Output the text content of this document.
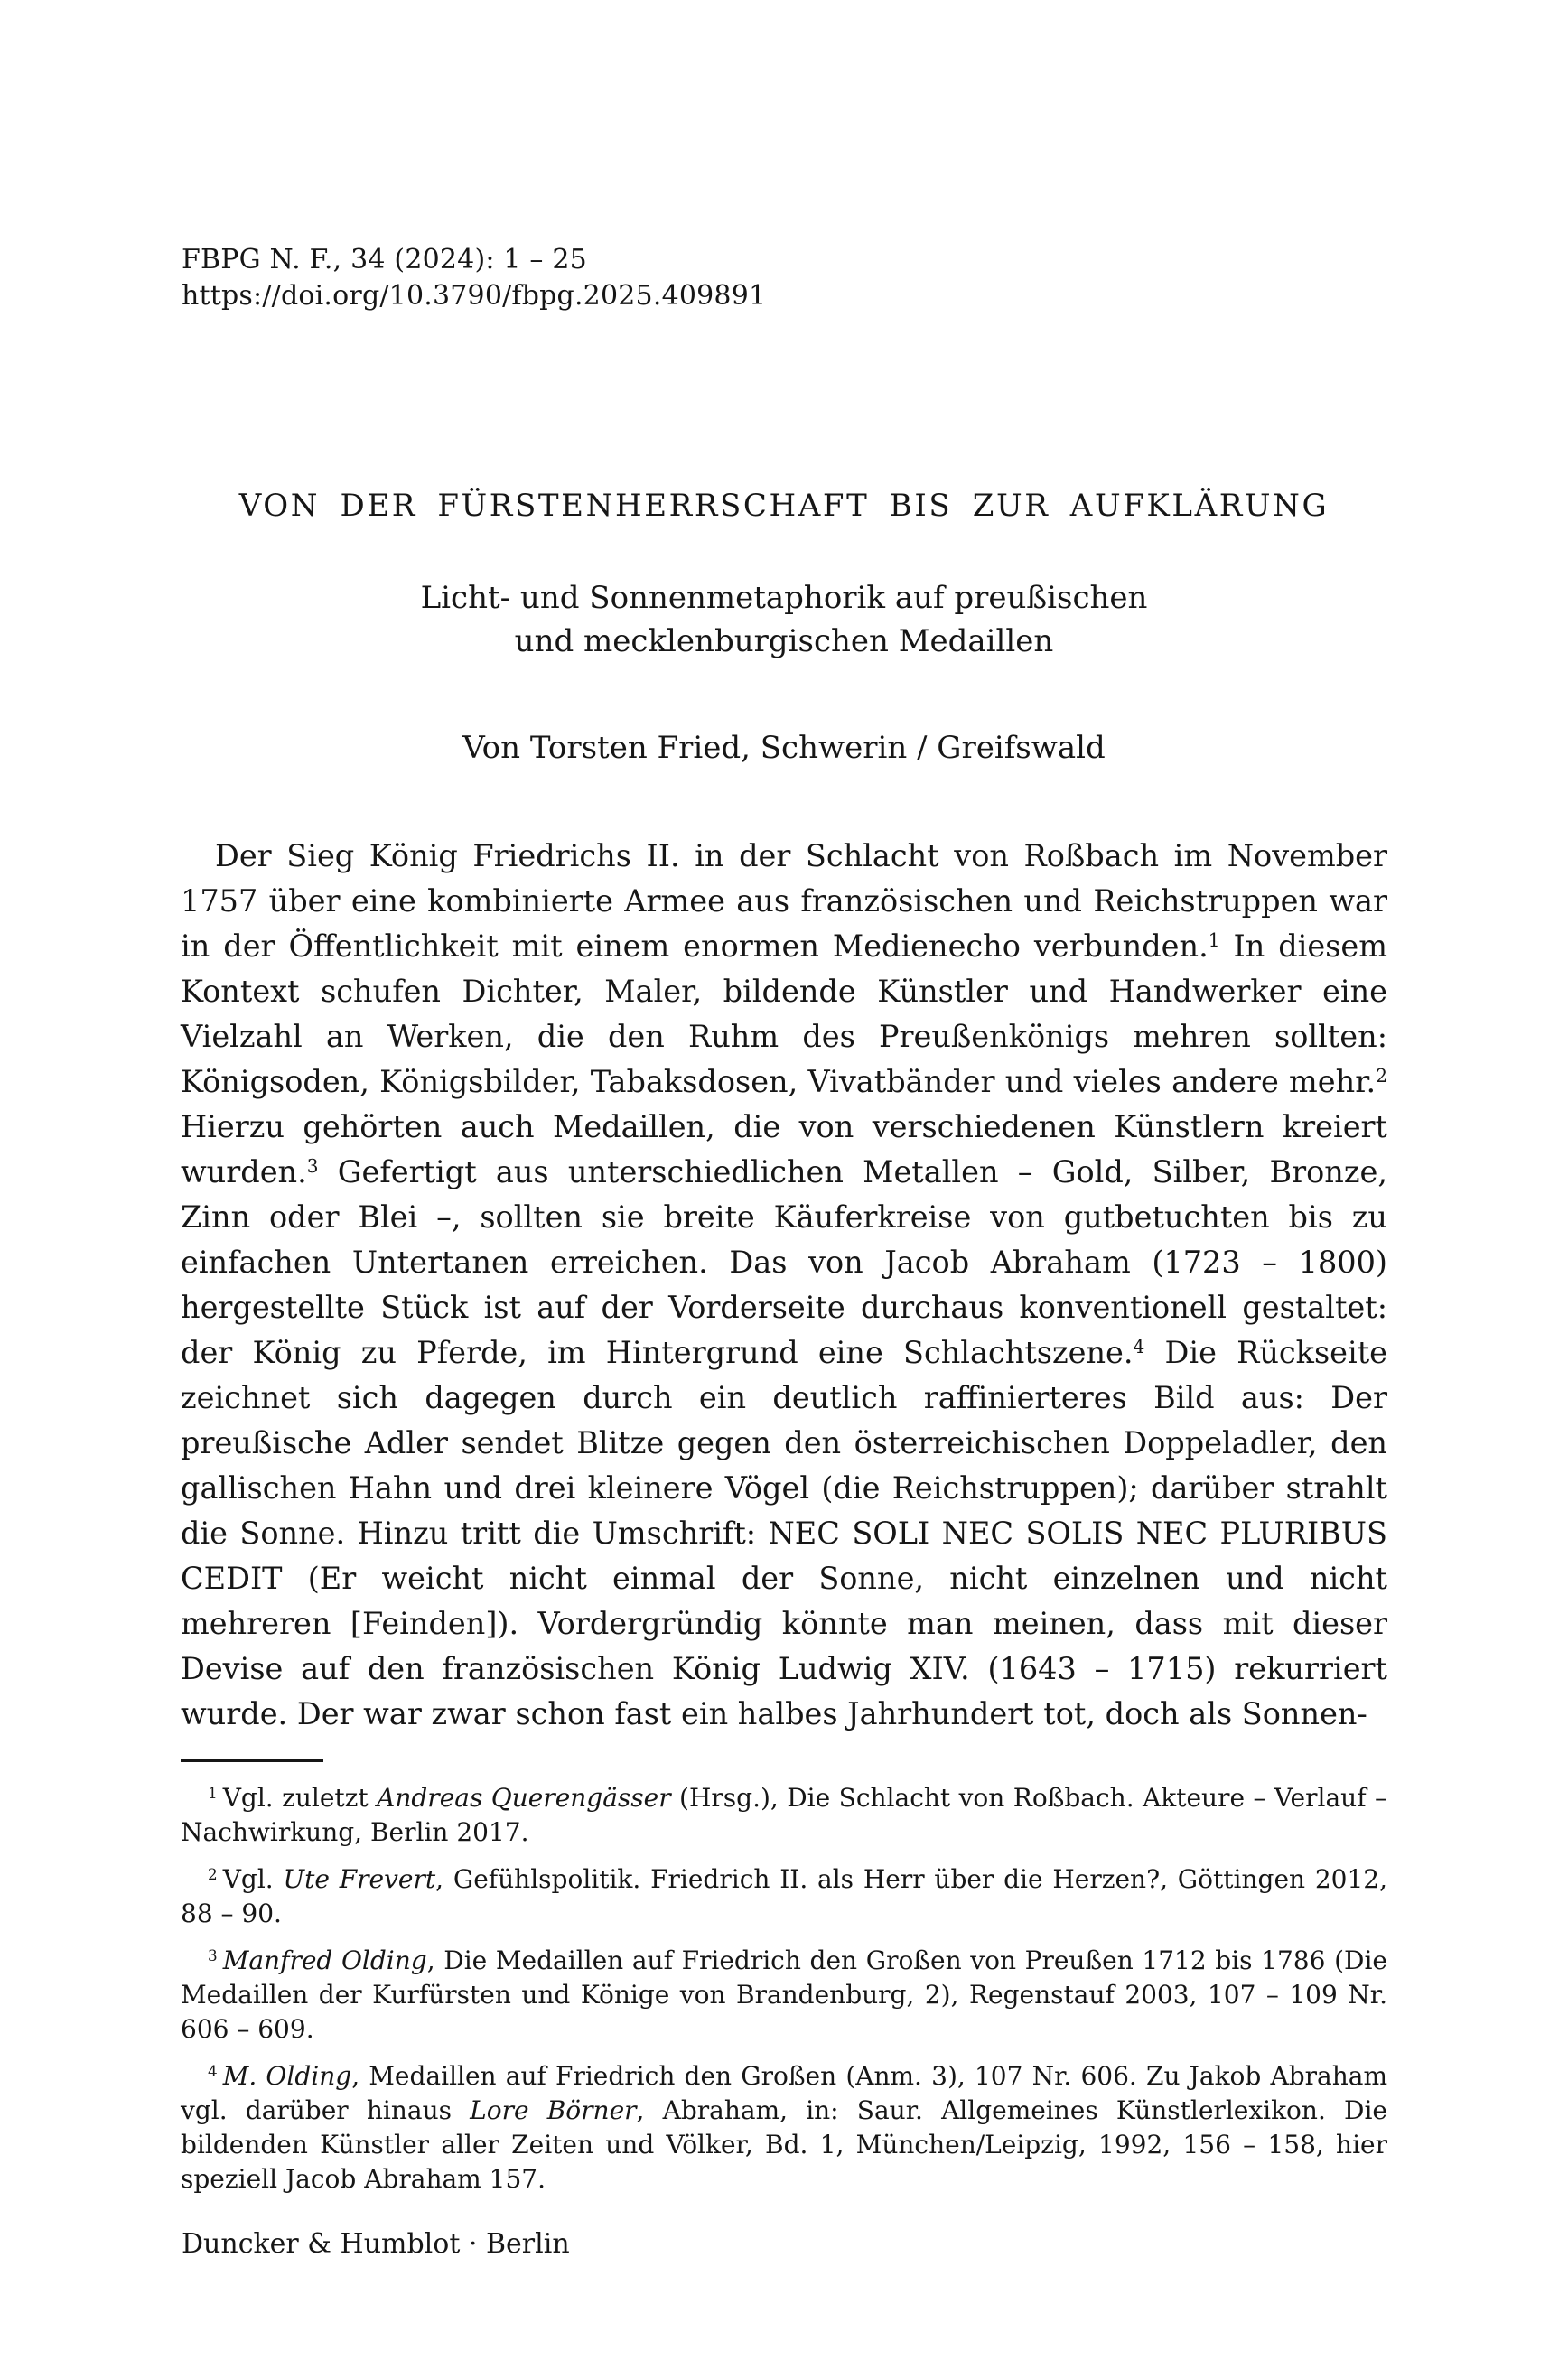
FBPG N. F., 34 (2024): 1 – 25
https://doi.org/10.3790/fbpg.2025.409891
VON DER FÜRSTENHERRSCHAFT BIS ZUR AUFKLÄRUNG
Licht- und Sonnenmetaphorik auf preußischen
und mecklenburgischen Medaillen
Von Torsten Fried, Schwerin / Greifswald

Der Sieg König Friedrichs II. in der Schlacht von Roßbach im November 1757 über eine kombinierte Armee aus französischen und Reichstruppen war in der Öffentlichkeit mit einem enormen Medienecho verbunden.$^1$ In diesem Kontext schufen Dichter, Maler, bildende Künstler und Handwerker eine Vielzahl an Werken, die den Ruhm des Preußenkönigs mehren sollten: Königsoden, Königsbilder, Tabaksdosen, Vivatbänder und vieles andere mehr.$^2$ Hierzu gehörten auch Medaillen, die von verschiedenen Künstlern kreiert wurden.$^3$ Gefertigt aus unterschiedlichen Metallen – Gold, Silber, Bronze, Zinn oder Blei –, sollten sie breite Käuferkreise von gutbetuchten bis zu einfachen Untertanen erreichen. Das von Jacob Abraham (1723 – 1800) hergestellte Stück ist auf der Vorderseite durchaus konventionell gestaltet: der König zu Pferde, im Hintergrund eine Schlachtszene.$^4$ Die Rückseite zeichnet sich dagegen durch ein deutlich raffinierteres Bild aus: Der preußische Adler sendet Blitze gegen den österreichischen Doppeladler, den gallischen Hahn und drei kleinere Vögel (die Reichstruppen); darüber strahlt die Sonne. Hinzu tritt die Umschrift: NEC SOLI NEC SOLIS NEC PLURIBUS CEDIT (Er weicht nicht einmal der Sonne, nicht einzelnen und nicht mehreren [Feinden]). Vordergründig könnte man meinen, dass mit dieser Devise auf den französischen König Ludwig XIV. (1643 – 1715) rekurriert wurde. Der war zwar schon fast ein halbes Jahrhundert tot, doch als Sonnen-

$^1$ Vgl. zuletzt Andreas Querengässer (Hrsg.), Die Schlacht von Roßbach. Akteure – Verlauf – Nachwirkung, Berlin 2017.

$^2$ Vgl. Ute Frevert, Gefühlspolitik. Friedrich II. als Herr über die Herzen?, Göttingen 2012, 88 – 90.

$^3$ Manfred Olding, Die Medaillen auf Friedrich den Großen von Preußen 1712 bis 1786 (Die Medaillen der Kurfürsten und Könige von Brandenburg, 2), Regenstauf 2003, 107 – 109 Nr. 606 – 609.

$^4$ M. Olding, Medaillen auf Friedrich den Großen (Anm. 3), 107 Nr. 606. Zu Jakob Abraham vgl. darüber hinaus Lore Börner, Abraham, in: Saur. Allgemeines Künstlerlexikon. Die bildenden Künstler aller Zeiten und Völker, Bd. 1, München/Leipzig, 1992, 156 – 158, hier speziell Jacob Abraham 157.

Duncker & Humblot · Berlin
